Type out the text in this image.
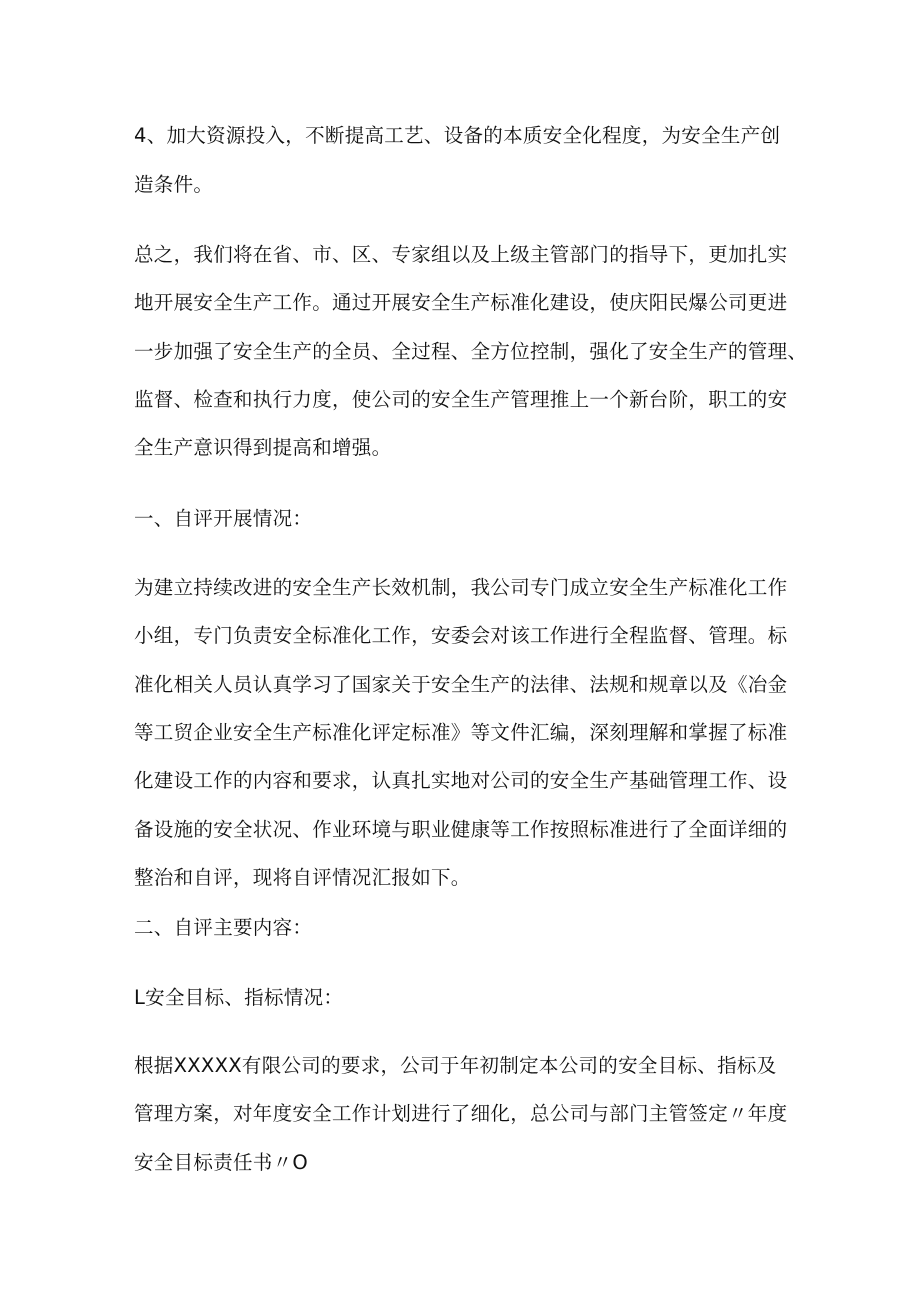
4、加大资源投入，不断提高工艺、设备的本质安全化程度，为安全生产创
造条件。
总之，我们将在省、市、区、专家组以及上级主管部门的指导下，更加扎实
地开展安全生产工作。通过开展安全生产标准化建设，使庆阳民爆公司更进
一步加强了安全生产的全员、全过程、全方位控制，强化了安全生产的管理、
监督、检查和执行力度，使公司的安全生产管理推上一个新台阶，职工的安
全生产意识得到提高和增强。
一、自评开展情况：
为建立持续改进的安全生产长效机制，我公司专门成立安全生产标准化工作
小组，专门负责安全标准化工作，安委会对该工作进行全程监督、管理。标
准化相关人员认真学习了国家关于安全生产的法律、法规和规章以及《冶金
等工贸企业安全生产标准化评定标准》等文件汇编，深刻理解和掌握了标准
化建设工作的内容和要求，认真扎实地对公司的安全生产基础管理工作、设
备设施的安全状况、作业环境与职业健康等工作按照标准进行了全面详细的
整治和自评，现将自评情况汇报如下。
二、自评主要内容：
L安全目标、指标情况：
根据XXXXX有限公司的要求，公司于年初制定本公司的安全目标、指标及
管理方案，对年度安全工作计划进行了细化，总公司与部门主管签定〃年度
安全目标责任书〃O
